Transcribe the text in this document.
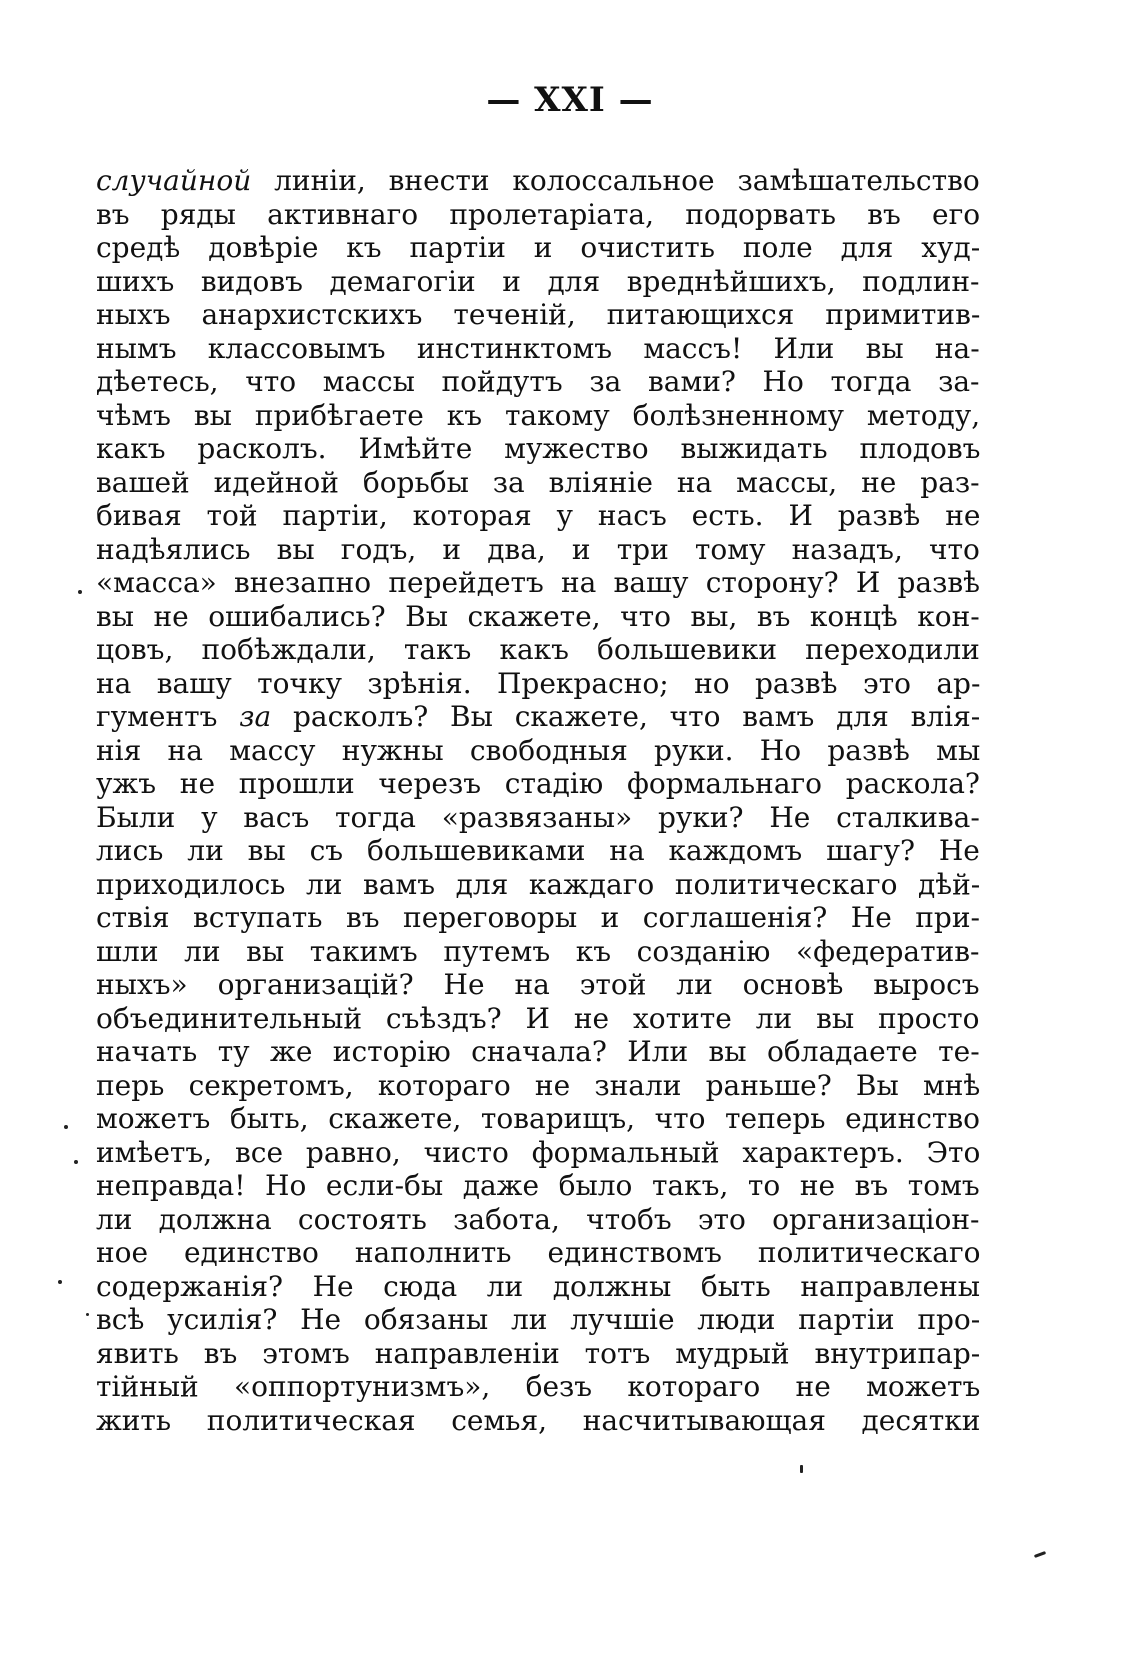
— XXI —
случайной линiи, внести колоссальное замѣшательство
въ ряды активнаго пролетарiата, подорвать въ его
средѣ довѣрiе къ партiи и очистить поле для худ-
шихъ видовъ демагогiи и для вреднѣйшихъ, подлин-
ныхъ анархистскихъ теченiй, питающихся примитив-
нымъ классовымъ инстинктомъ массъ! Или вы на-
дѣетесь, что массы пойдутъ за вами? Но тогда за-
чѣмъ вы прибѣгаете къ такому болѣзненному методу,
какъ расколъ. Имѣйте мужество выжидать плодовъ
вашей идейной борьбы за влiянiе на массы, не раз-
бивая той партiи, которая у насъ есть. И развѣ не
надѣялись вы годъ, и два, и три тому назадъ, что
«масса» внезапно перейдетъ на вашу сторону? И развѣ
вы не ошибались? Вы скажете, что вы, въ концѣ кон-
цовъ, побѣждали, такъ какъ большевики переходили
на вашу точку зрѣнiя. Прекрасно; но развѣ это ар-
гументъ за расколъ? Вы скажете, что вамъ для влiя-
нiя на массу нужны свободныя руки. Но развѣ мы
ужъ не прошли черезъ стадiю формальнаго раскола?
Были у васъ тогда «развязаны» руки? Не сталкива-
лись ли вы съ большевиками на каждомъ шагу? Не
приходилось ли вамъ для каждаго политическаго дѣй-
ствiя вступать въ переговоры и соглашенiя? Не при-
шли ли вы такимъ путемъ къ созданiю «федератив-
ныхъ» организацiй? Не на этой ли основѣ выросъ
объединительный съѣздъ? И не хотите ли вы просто
начать ту же исторiю сначала? Или вы обладаете те-
перь секретомъ, котораго не знали раньше? Вы мнѣ
можетъ быть, скажете, товарищъ, что теперь единство
имѣетъ, все равно, чисто формальный характеръ. Это
неправда! Но если-бы даже было такъ, то не въ томъ
ли должна состоять забота, чтобъ это организацiон-
ное единство наполнить единствомъ политическаго
содержанiя? Не сюда ли должны быть направлены
всѣ усилiя? Не обязаны ли лучшiе люди партiи про-
явить въ этомъ направленiи тотъ мудрый внутрипар-
тiйный «оппортунизмъ», безъ котораго не можетъ
жить политическая семья, насчитывающая десятки
